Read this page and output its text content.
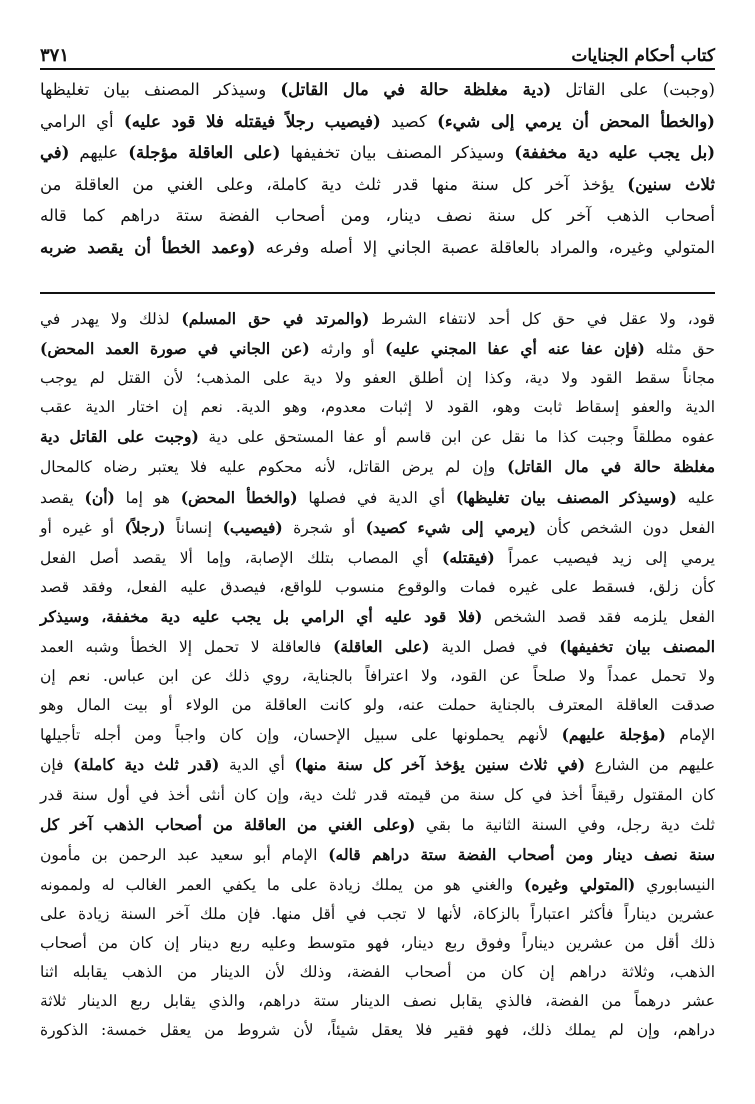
كتاب أحكام الجنايات
٣٧١
(وجبت) على القاتل (دية مغلظة حالة في مال القاتل) وسيذكر المصنف بيان تغليظها
(والخطأ المحض أن يرمي إلى شيء) كصيد (فيصيب رجلاً فيقتله فلا قود عليه) أي الرامي
(بل يجب عليه دية مخففة) وسيذكر المصنف بيان تخفيفها (على العاقلة مؤجلة) عليهم (في
ثلاث سنين) يؤخذ آخر كل سنة منها قدر ثلث دية كاملة، وعلى الغني من العاقلة من
أصحاب الذهب آخر كل سنة نصف دينار، ومن أصحاب الفضة ستة دراهم كما قاله
المتولي وغيره، والمراد بالعاقلة عصبة الجاني إلا أصله وفرعه (وعمد الخطأ أن يقصد ضربه
قود، ولا عقل في حق كل أحد لانتفاء الشرط (والمرتد في حق المسلم) لذلك ولا يهدر في
حق مثله (فإن عفا عنه أي عفا المجني عليه) أو وارثه (عن الجاني في صورة العمد المحض)
مجاناً سقط القود ولا دية، وكذا إن أطلق العفو ولا دية على المذهب؛ لأن القتل لم يوجب
الدية والعفو إسقاط ثابت وهو، القود لا إثبات معدوم، وهو الدية. نعم إن اختار الدية عقب
عفوه مطلقاً وجبت كذا ما نقل عن ابن قاسم أو عفا المستحق على دية (وجبت على القاتل دية
مغلظة حالة في مال القاتل) وإن لم يرض القاتل، لأنه محكوم عليه فلا يعتبر رضاه كالمحال
عليه (وسيذكر المصنف بيان تغليظها) أي الدية في فصلها (والخطأ المحض) هو إما (أن) يقصد
الفعل دون الشخص كأن (يرمي إلى شيء كصيد) أو شجرة (فيصيب) إنساناً (رجلاً) أو غيره أو
يرمي إلى زيد فيصيب عمراً (فيقتله) أي المصاب بتلك الإصابة، وإما ألا يقصد أصل الفعل
كأن زلق، فسقط على غيره فمات والوقوع منسوب للواقع، فيصدق عليه الفعل، وفقد قصد
الفعل يلزمه فقد قصد الشخص (فلا قود عليه أي الرامي بل يجب عليه دية مخففة، وسيذكر
المصنف بيان تخفيفها) في فصل الدية (على العاقلة) فالعاقلة لا تحمل إلا الخطأ وشبه العمد
ولا تحمل عمداً ولا صلحاً عن القود، ولا اعترافاً بالجناية، روي ذلك عن ابن عباس. نعم إن
صدقت العاقلة المعترف بالجناية حملت عنه، ولو كانت العاقلة من الولاء أو بيت المال وهو
الإمام (مؤجلة عليهم) لأنهم يحملونها على سبيل الإحسان، وإن كان واجباً ومن أجله تأجيلها
عليهم من الشارع (في ثلاث سنين يؤخذ آخر كل سنة منها) أي الدية (قدر ثلث دية كاملة) فإن
كان المقتول رقيقاً أخذ في كل سنة من قيمته قدر ثلث دية، وإن كان أنثى أخذ في أول سنة قدر
ثلث دية رجل، وفي السنة الثانية ما بقي (وعلى الغني من العاقلة من أصحاب الذهب آخر كل
سنة نصف دينار ومن أصحاب الفضة ستة دراهم قاله) الإمام أبو سعيد عبد الرحمن بن مأمون
النيسابوري (المتولي وغيره) والغني هو من يملك زيادة على ما يكفي العمر الغالب له ولممونه
عشرين ديناراً فأكثر اعتباراً بالزكاة، لأنها لا تجب في أقل منها. فإن ملك آخر السنة زيادة على
ذلك أقل من عشرين ديناراً وفوق ربع دينار، فهو متوسط وعليه ربع دينار إن كان من أصحاب
الذهب، وثلاثة دراهم إن كان من أصحاب الفضة، وذلك لأن الدينار من الذهب يقابله اثنا
عشر درهماً من الفضة، فالذي يقابل نصف الدينار ستة دراهم، والذي يقابل ربع الدينار ثلاثة
دراهم، وإن لم يملك ذلك، فهو فقير فلا يعقل شيئاً، لأن شروط من يعقل خمسة: الذكورة
